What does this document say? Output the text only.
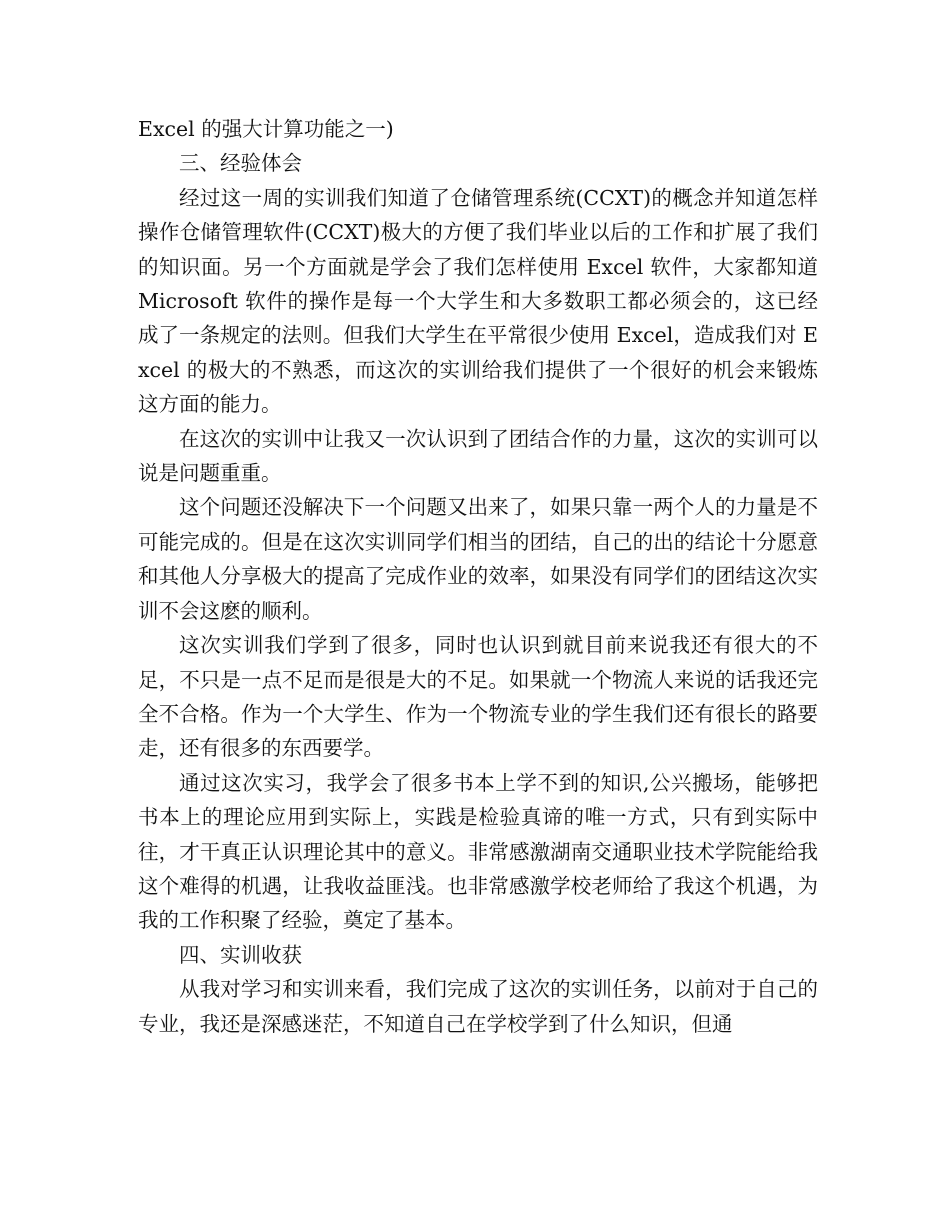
Excel 的强大计算功能之一)

三、经验体会

经过这一周的实训我们知道了仓储管理系统(CCXT)的概念并知道怎样操作仓储管理软件(CCXT)极大的方便了我们毕业以后的工作和扩展了我们的知识面。另一个方面就是学会了我们怎样使用 Excel 软件，大家都知道 Microsoft 软件的操作是每一个大学生和大多数职工都必须会的，这已经成了一条规定的法则。但我们大学生在平常很少使用 Excel，造成我们对 Excel 的极大的不熟悉，而这次的实训给我们提供了一个很好的机会来锻炼这方面的能力。

在这次的实训中让我又一次认识到了团结合作的力量，这次的实训可以说是问题重重。

这个问题还没解决下一个问题又出来了，如果只靠一两个人的力量是不可能完成的。但是在这次实训同学们相当的团结，自己的出的结论十分愿意和其他人分享极大的提高了完成作业的效率，如果没有同学们的团结这次实训不会这麽的顺利。

这次实训我们学到了很多，同时也认识到就目前来说我还有很大的不足，不只是一点不足而是很是大的不足。如果就一个物流人来说的话我还完全不合格。作为一个大学生、作为一个物流专业的学生我们还有很长的路要走，还有很多的东西要学。

通过这次实习，我学会了很多书本上学不到的知识,公兴搬场，能够把书本上的理论应用到实际上，实践是检验真谛的唯一方式，只有到实际中往，才干真正认识理论其中的意义。非常感激湖南交通职业技术学院能给我这个难得的机遇，让我收益匪浅。也非常感激学校老师给了我这个机遇，为我的工作积聚了经验，奠定了基本。

四、实训收获

从我对学习和实训来看，我们完成了这次的实训任务，以前对于自己的专业，我还是深感迷茫，不知道自己在学校学到了什么知识，但通
